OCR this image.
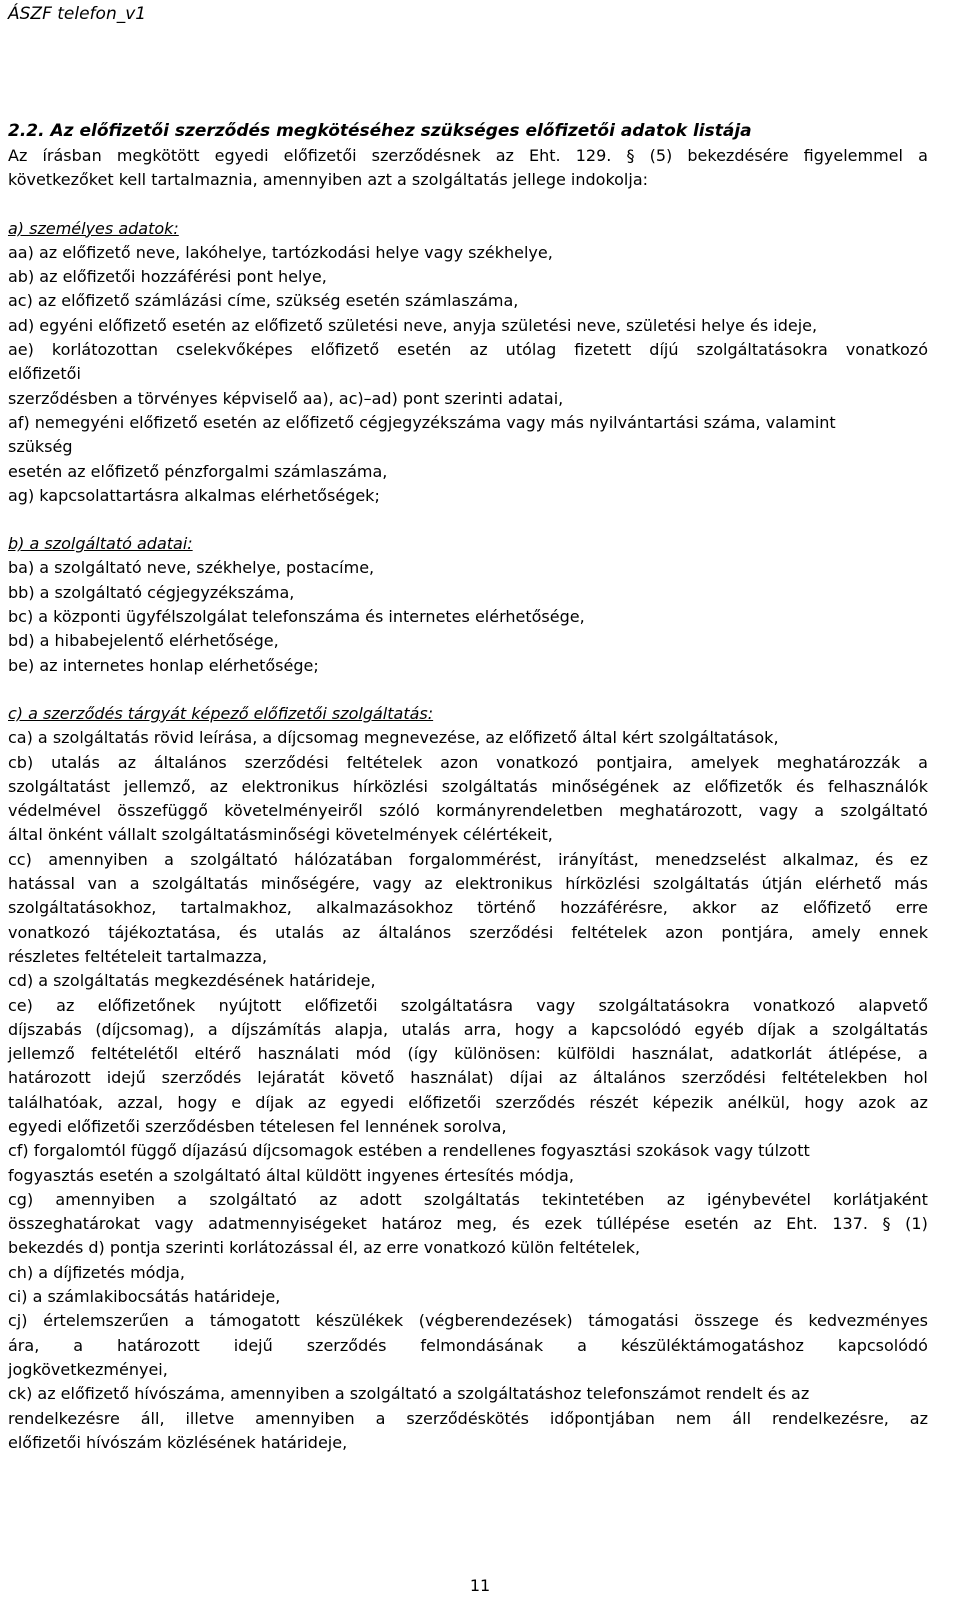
ÁSZF telefon_v1
2.2. Az előfizetői szerződés megkötéséhez szükséges előfizetői adatok listája
Az írásban megkötött egyedi előfizetői szerződésnek az Eht. 129. § (5) bekezdésére figyelemmel a
következőket kell tartalmaznia, amennyiben azt a szolgáltatás jellege indokolja:
a) személyes adatok:
aa) az előfizető neve, lakóhelye, tartózkodási helye vagy székhelye,
ab) az előfizetői hozzáférési pont helye,
ac) az előfizető számlázási címe, szükség esetén számlaszáma,
ad) egyéni előfizető esetén az előfizető születési neve, anyja születési neve, születési helye és ideje,
ae) korlátozottan cselekvőképes előfizető esetén az utólag fizetett díjú szolgáltatásokra vonatkozó
előfizetői
szerződésben a törvényes képviselő aa), ac)–ad) pont szerinti adatai,
af) nemegyéni előfizető esetén az előfizető cégjegyzékszáma vagy más nyilvántartási száma, valamint
szükség
esetén az előfizető pénzforgalmi számlaszáma,
ag) kapcsolattartásra alkalmas elérhetőségek;
b) a szolgáltató adatai:
ba) a szolgáltató neve, székhelye, postacíme,
bb) a szolgáltató cégjegyzékszáma,
bc) a központi ügyfélszolgálat telefonszáma és internetes elérhetősége,
bd) a hibabejelentő elérhetősége,
be) az internetes honlap elérhetősége;
c) a szerződés tárgyát képező előfizetői szolgáltatás:
ca) a szolgáltatás rövid leírása, a díjcsomag megnevezése, az előfizető által kért szolgáltatások,
cb) utalás az általános szerződési feltételek azon vonatkozó pontjaira, amelyek meghatározzák a
szolgáltatást jellemző, az elektronikus hírközlési szolgáltatás minőségének az előfizetők és felhasználók
védelmével összefüggő követelményeiről szóló kormányrendeletben meghatározott, vagy a szolgáltató
által önként vállalt szolgáltatásminőségi követelmények célértékeit,
cc) amennyiben a szolgáltató hálózatában forgalommérést, irányítást, menedzselést alkalmaz, és ez
hatással van a szolgáltatás minőségére, vagy az elektronikus hírközlési szolgáltatás útján elérhető más
szolgáltatásokhoz, tartalmakhoz, alkalmazásokhoz történő hozzáférésre, akkor az előfizető erre
vonatkozó tájékoztatása, és utalás az általános szerződési feltételek azon pontjára, amely ennek
részletes feltételeit tartalmazza,
cd) a szolgáltatás megkezdésének határideje,
ce) az előfizetőnek nyújtott előfizetői szolgáltatásra vagy szolgáltatásokra vonatkozó alapvető
díjszabás (díjcsomag), a díjszámítás alapja, utalás arra, hogy a kapcsolódó egyéb díjak a szolgáltatás
jellemző feltételétől eltérő használati mód (így különösen: külföldi használat, adatkorlát átlépése, a
határozott idejű szerződés lejáratát követő használat) díjai az általános szerződési feltételekben hol
találhatóak, azzal, hogy e díjak az egyedi előfizetői szerződés részét képezik anélkül, hogy azok az
egyedi előfizetői szerződésben tételesen fel lennének sorolva,
cf) forgalomtól függő díjazású díjcsomagok estében a rendellenes fogyasztási szokások vagy túlzott
fogyasztás esetén a szolgáltató által küldött ingyenes értesítés módja,
cg) amennyiben a szolgáltató az adott szolgáltatás tekintetében az igénybevétel korlátjaként
összeghatárokat vagy adatmennyiségeket határoz meg, és ezek túllépése esetén az Eht. 137. § (1)
bekezdés d) pontja szerinti korlátozással él, az erre vonatkozó külön feltételek,
ch) a díjfizetés módja,
ci) a számlakibocsátás határideje,
cj) értelemszerűen a támogatott készülékek (végberendezések) támogatási összege és kedvezményes
ára, a határozott idejű szerződés felmondásának a készüléktámogatáshoz kapcsolódó
jogkövetkezményei,
ck) az előfizető hívószáma, amennyiben a szolgáltató a szolgáltatáshoz telefonszámot rendelt és az
rendelkezésre áll, illetve amennyiben a szerződéskötés időpontjában nem áll rendelkezésre, az
előfizetői hívószám közlésének határideje,
11
